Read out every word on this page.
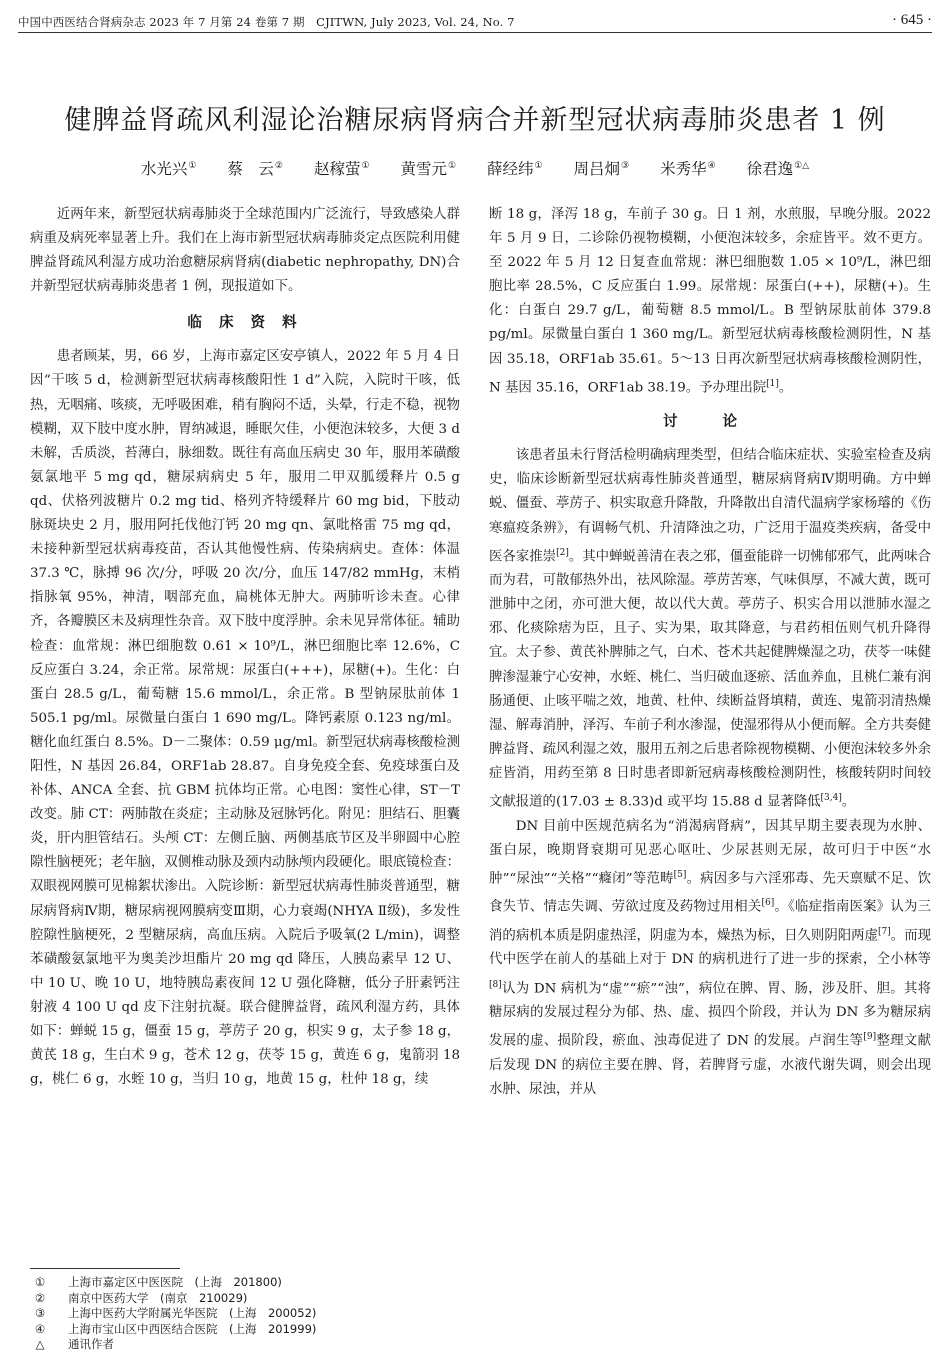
中国中西医结合肾病杂志 2023 年 7 月第 24 卷第 7 期　CJITWN, July 2023, Vol. 24, No. 7	· 645 ·
健脾益肾疏风利湿论治糖尿病肾病合并新型冠状病毒肺炎患者 1 例
水光兴① 蔡　云② 赵稼萤① 黄雪元① 薛经纬① 周吕炯③ 米秀华④ 徐君逸①△

近两年来，新型冠状病毒肺炎于全球范围内广泛流行，导致感染人群病重及病死率显著上升。我们在上海市新型冠状病毒肺炎定点医院利用健脾益肾疏风利湿方成功治愈糖尿病肾病(diabetic nephropathy, DN)合并新型冠状病毒肺炎患者 1 例，现报道如下。

临 床 资 料

患者顾某，男，66 岁，上海市嘉定区安亭镇人，2022 年 5 月 4 日因“干咳 5 d，检测新型冠状病毒核酸阳性 1 d”入院，入院时干咳，低热，无咽痛、咳痰，无呼吸困难，稍有胸闷不适，头晕，行走不稳，视物模糊，双下肢中度水肿，胃纳减退，睡眠欠佳，小便泡沫较多，大便 3 d 未解，舌质淡，苔薄白，脉细数。既往有高血压病史 30 年，服用苯磺酸氨氯地平 5 mg qd，糖尿病病史 5 年，服用二甲双胍缓释片 0.5 g qd、伏格列波糖片 0.2 mg tid、格列齐特缓释片 60 mg bid，下肢动脉斑块史 2 月，服用阿托伐他汀钙 20 mg qn、氯吡格雷 75 mg qd，未接种新型冠状病毒疫苗，否认其他慢性病、传染病病史。查体：体温 37.3 ℃，脉搏 96 次/分，呼吸 20 次/分，血压 147/82 mmHg，末梢指脉氧 95%，神清，咽部充血，扁桃体无肿大。两肺听诊未查。心律齐，各瓣膜区未及病理性杂音。双下肢中度浮肿。余未见异常体征。辅助检查：血常规：淋巴细胞数 0.61 × 10⁹/L，淋巴细胞比率 12.6%，C 反应蛋白 3.24，余正常。尿常规：尿蛋白(+++)，尿糖(+)。生化：白蛋白 28.5 g/L，葡萄糖 15.6 mmol/L，余正常。B 型钠尿肽前体 1 505.1 pg/ml。尿微量白蛋白 1 690 mg/L。降钙素原 0.123 ng/ml。糖化血红蛋白 8.5%。D－二聚体：0.59 μg/ml。新型冠状病毒核酸检测阳性，N 基因 26.84，ORF1ab 28.87。自身免疫全套、免疫球蛋白及补体、ANCA 全套、抗 GBM 抗体均正常。心电图：窦性心律，ST－T 改变。肺 CT：两肺散在炎症；主动脉及冠脉钙化。附见：胆结石、胆囊炎，肝内胆管结石。头颅 CT：左侧丘脑、两侧基底节区及半卵圆中心腔隙性脑梗死；老年脑，双侧椎动脉及颈内动脉颅内段硬化。眼底镜检查：双眼视网膜可见棉絮状渗出。入院诊断：新型冠状病毒性肺炎普通型，糖尿病肾病Ⅳ期，糖尿病视网膜病变Ⅲ期，心力衰竭(NHYA Ⅱ级)，多发性腔隙性脑梗死，2 型糖尿病，高血压病。入院后予吸氧(2 L/min)，调整苯磺酸氨氯地平为奥美沙坦酯片 20 mg qd 降压，人胰岛素早 12 U、中 10 U、晚 10 U，地特胰岛素夜间 12 U 强化降糖，低分子肝素钙注射液 4 100 U qd 皮下注射抗凝。联合健脾益肾，疏风利湿方药，具体如下：蝉蜕 15 g，僵蚕 15 g，葶苈子 20 g，枳实 9 g，太子参 18 g，黄芪 18 g，生白术 9 g，苍术 12 g，茯苓 15 g，黄连 6 g，鬼箭羽 18 g，桃仁 6 g，水蛭 10 g，当归 10 g，地黄 15 g，杜仲 18 g，续

断 18 g，泽泻 18 g，车前子 30 g。日 1 剂，水煎服，早晚分服。2022 年 5 月 9 日，二诊除仍视物模糊，小便泡沫较多，余症皆平。效不更方。至 2022 年 5 月 12 日复查血常规：淋巴细胞数 1.05 × 10⁹/L，淋巴细胞比率 28.5%，C 反应蛋白 1.99。尿常规：尿蛋白(++)，尿糖(+)。生化：白蛋白 29.7 g/L，葡萄糖 8.5 mmol/L。B 型钠尿肽前体 379.8 pg/ml。尿微量白蛋白 1 360 mg/L。新型冠状病毒核酸检测阴性，N 基因 35.18，ORF1ab 35.61。5～13 日再次新型冠状病毒核酸检测阴性，N 基因 35.16，ORF1ab 38.19。予办理出院[1]。

讨 论

该患者虽未行肾活检明确病理类型，但结合临床症状、实验室检查及病史，临床诊断新型冠状病毒性肺炎普通型，糖尿病肾病Ⅳ期明确。方中蝉蜕、僵蚕、葶苈子、枳实取意升降散，升降散出自清代温病学家杨璿的《伤寒瘟疫条辨》，有调畅气机、升清降浊之功，广泛用于温疫类疾病，备受中医各家推崇[2]。其中蝉蜕善清在表之邪，僵蚕能辟一切怫郁邪气，此两味合而为君，可散郁热外出，祛风除湿。葶苈苦寒，气味俱厚，不减大黄，既可泄肺中之闭，亦可泄大便，故以代大黄。葶苈子、枳实合用以泄肺水湿之邪、化痰除痞为臣，且子、实为果，取其降意，与君药相伍则气机升降得宜。太子参、黄芪补脾肺之气，白术、苍术共起健脾燥湿之功，茯苓一味健脾渗湿兼宁心安神，水蛭、桃仁、当归破血逐瘀、活血养血，且桃仁兼有润肠通便、止咳平喘之效，地黄、杜仲、续断益肾填精，黄连、鬼箭羽清热燥湿、解毒消肿，泽泻、车前子利水渗湿，使湿邪得从小便而解。全方共奏健脾益肾、疏风利湿之效，服用五剂之后患者除视物模糊、小便泡沫较多外余症皆消，用药至第 8 日时患者即新冠病毒核酸检测阴性，核酸转阴时间较文献报道的(17.03 ± 8.33)d 或平均 15.88 d 显著降低[3,4]。

DN 目前中医规范病名为“消渴病肾病”，因其早期主要表现为水肿、蛋白尿，晚期肾衰期可见恶心呕吐、少尿甚则无尿，故可归于中医“水肿”“尿浊”“关格”“癃闭”等范畴[5]。病因多与六淫邪毒、先天禀赋不足、饮食失节、情志失调、劳欲过度及药物过用相关[6]。《临症指南医案》认为三消的病机本质是阴虚热淫，阴虚为本，燥热为标，日久则阴阳两虚[7]。而现代中医学在前人的基础上对于 DN 的病机进行了进一步的探索，仝小林等[8]认为 DN 病机为“虚”“瘀”“浊”，病位在脾、胃、肠，涉及肝、胆。其将糖尿病的发展过程分为郁、热、虚、损四个阶段，并认为 DN 多为糖尿病发展的虚、损阶段，瘀血、浊毒促进了 DN 的发展。卢润生等[9]整理文献后发现 DN 的病位主要在脾、肾，若脾肾亏虚，水液代谢失调，则会出现水肿、尿浊，并从

① 上海市嘉定区中医医院　(上海　201800)
② 南京中医药大学　(南京　210029)
③ 上海中医药大学附属光华医院　(上海　200052)
④ 上海市宝山区中西医结合医院　(上海　201999)
△ 通讯作者
